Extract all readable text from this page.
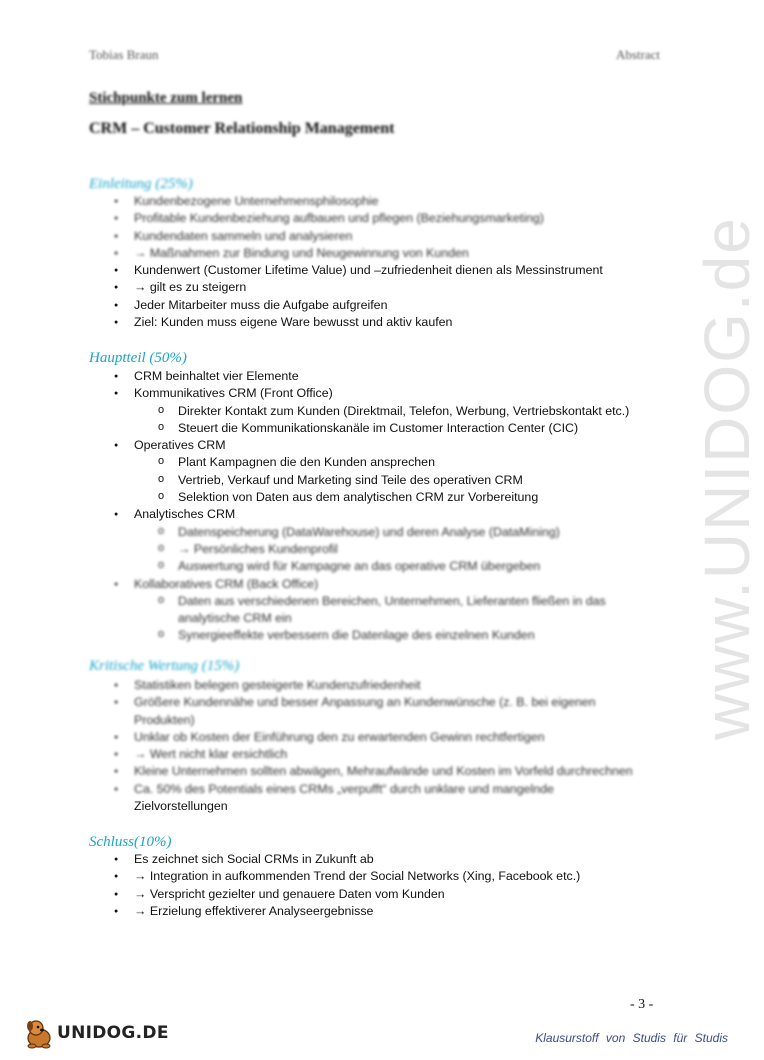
www.UNIDOG.de
Tobias Braun	Abstract
Stichpunkte zum lernen
CRM – Customer Relationship Management
Einleitung (25%)
● Kundenbezogene Unternehmensphilosophie
● Profitable Kundenbeziehung aufbauen und pflegen (Beziehungsmarketing)
● Kundendaten sammeln und analysieren
● → Maßnahmen zur Bindung und Neugewinnung von Kunden
● Kundenwert (Customer Lifetime Value) und –zufriedenheit dienen als Messinstrument
● → gilt es zu steigern
● Jeder Mitarbeiter muss die Aufgabe aufgreifen
● Ziel: Kunden muss eigene Ware bewusst und aktiv kaufen
Hauptteil (50%)
● CRM beinhaltet vier Elemente
● Kommunikatives CRM (Front Office)
o Direkter Kontakt zum Kunden (Direktmail, Telefon, Werbung, Vertriebskontakt etc.)
o Steuert die Kommunikationskanäle im Customer Interaction Center (CIC)
● Operatives CRM
o Plant Kampagnen die den Kunden ansprechen
o Vertrieb, Verkauf und Marketing sind Teile des operativen CRM
o Selektion von Daten aus dem analytischen CRM zur Vorbereitung
● Analytisches CRM
o Datenspeicherung (DataWarehouse) und deren Analyse (DataMining)
o → Persönliches Kundenprofil
o Auswertung wird für Kampagne an das operative CRM übergeben
● Kollaboratives CRM (Back Office)
o Daten aus verschiedenen Bereichen, Unternehmen, Lieferanten fließen in das
analytische CRM ein
o Synergieeffekte verbessern die Datenlage des einzelnen Kunden
Kritische Wertung (15%)
● Statistiken belegen gesteigerte Kundenzufriedenheit
● Größere Kundennähe und besser Anpassung an Kundenwünsche (z. B. bei eigenen
Produkten)
● Unklar ob Kosten der Einführung den zu erwartenden Gewinn rechtfertigen
● → Wert nicht klar ersichtlich
● Kleine Unternehmen sollten abwägen, Mehraufwände und Kosten im Vorfeld durchrechnen
● Ca. 50% des Potentials eines CRMs „verpufft“ durch unklare und mangelnde
Zielvorstellungen
Schluss(10%)
● Es zeichnet sich Social CRMs in Zukunft ab
● → Integration in aufkommenden Trend der Social Networks (Xing, Facebook etc.)
● → Verspricht gezielter und genauere Daten vom Kunden
● → Erzielung effektiverer Analyseergebnisse
- 3 -
UNIDOG.DE	Klausurstoff von Studis für Studis
